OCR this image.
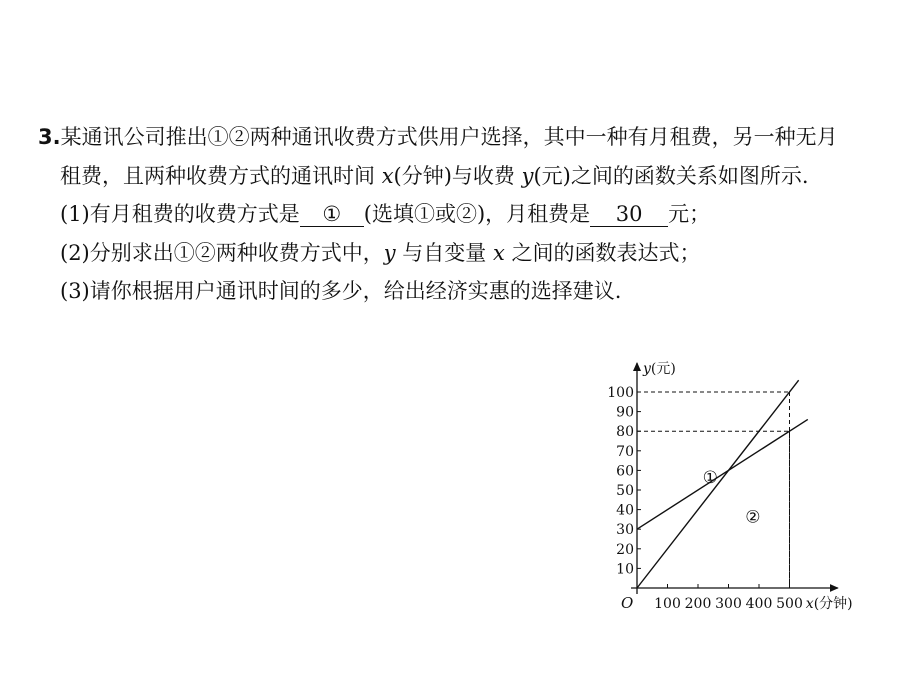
3.某通讯公司推出①②两种通讯收费方式供用户选择，其中一种有月租费，另一种无月
租费，且两种收费方式的通讯时间 x(分钟)与收费 y(元)之间的函数关系如图所示.
(1)有月租费的收费方式是 ① (选填①或②)，月租费是 30 元；
(2)分别求出①②两种收费方式中，y 与自变量 x 之间的函数表达式；
(3)请你根据用户通讯时间的多少，给出经济实惠的选择建议.
10
20
30
40
50
60
70
80
90
100
100 200 300 400 500
①
②
O
y(元)
x(分钟)
